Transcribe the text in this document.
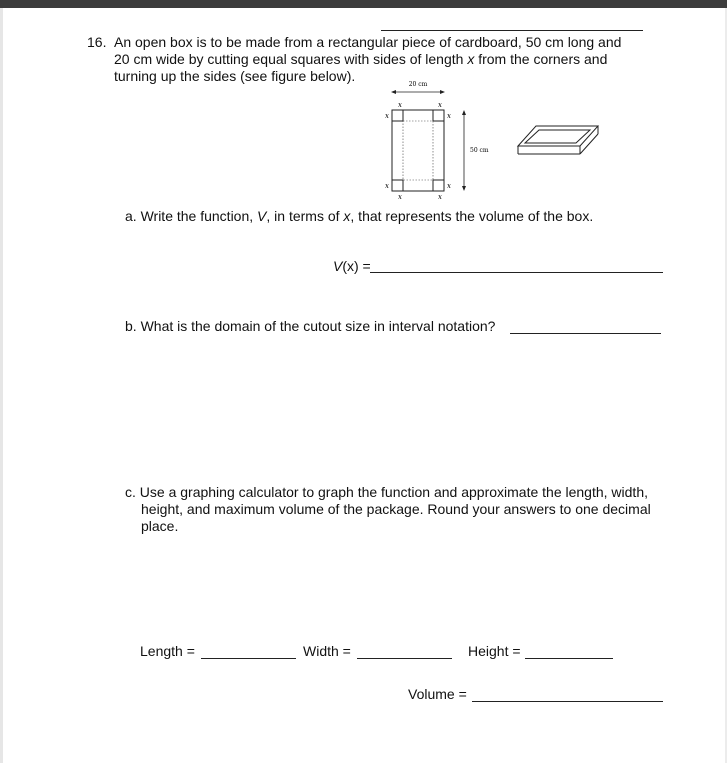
16. An open box is to be made from a rectangular piece of cardboard, 50 cm long and
20 cm wide by cutting equal squares with sides of length x from the corners and
turning up the sides (see figure below).
20 cm
x	x
x	x
x	x
x	x
50 cm
a. Write the function, V, in terms of x, that represents the volume of the box.
V(x) =
b. What is the domain of the cutout size in interval notation?
c. Use a graphing calculator to graph the function and approximate the length, width,
height, and maximum volume of the package. Round your answers to one decimal
place.
Length =	Width =	Height =
Volume =
